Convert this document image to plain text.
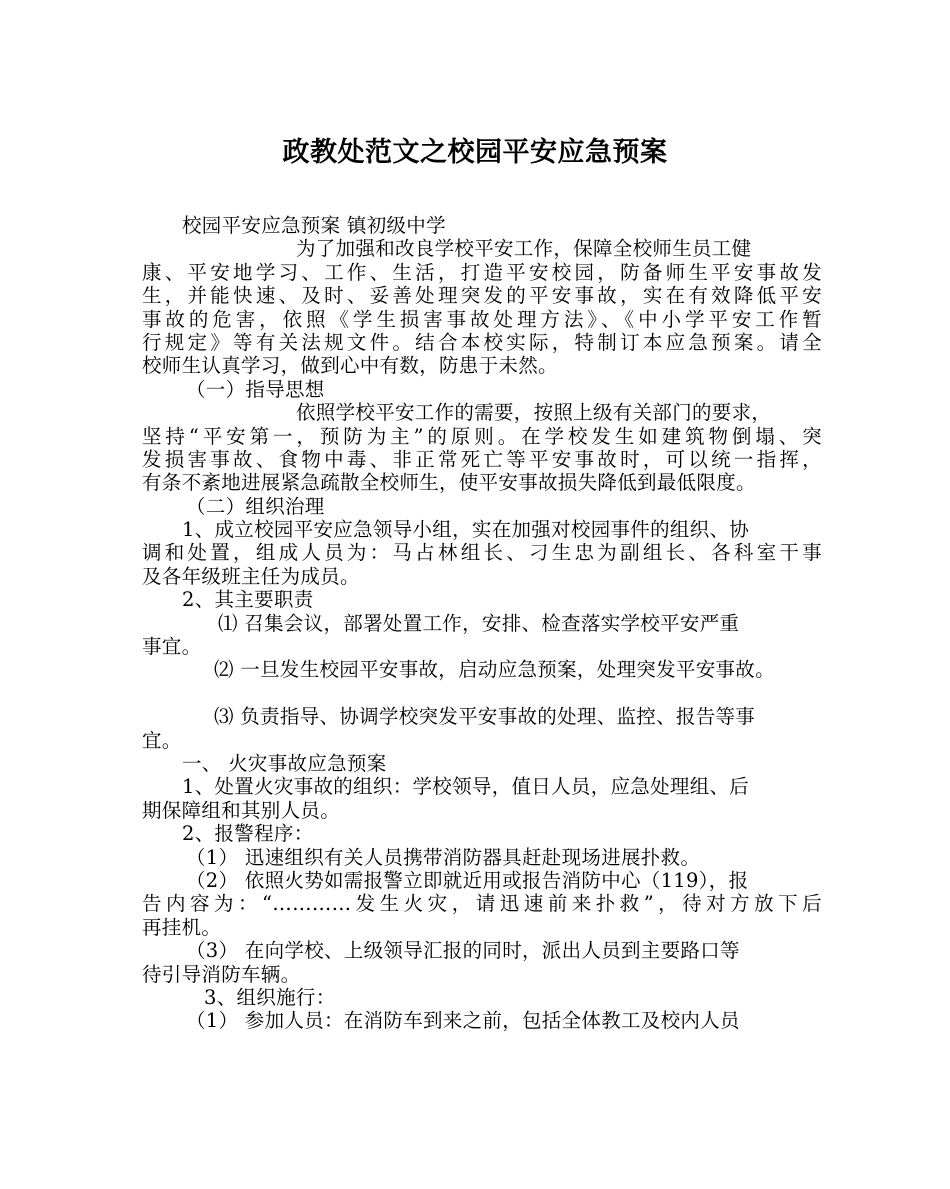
政教处范文之校园平安应急预案
校园平安应急预案 镇初级中学
为了加强和改良学校平安工作，保障全校师生员工健
康、平安地学习、工作、生活，打造平安校园，防备师生平安事故发
生，并能快速、及时、妥善处理突发的平安事故，实在有效降低平安
事故的危害，依照《学生损害事故处理方法》、《中小学平安工作暂
行规定》等有关法规文件。结合本校实际，特制订本应急预案。请全
校师生认真学习，做到心中有数，防患于未然。
（一）指导思想
依照学校平安工作的需要，按照上级有关部门的要求，
坚持“平安第一，预防为主”的原则。在学校发生如建筑物倒塌、突
发损害事故、食物中毒、非正常死亡等平安事故时，可以统一指挥，
有条不紊地进展紧急疏散全校师生，使平安事故损失降低到最低限度。
（二）组织治理
1、成立校园平安应急领导小组，实在加强对校园事件的组织、协
调和处置，组成人员为：马占林组长、刁生忠为副组长、各科室干事
及各年级班主任为成员。
2、其主要职责
⑴ 召集会议，部署处置工作，安排、检查落实学校平安严重
事宜。
⑵ 一旦发生校园平安事故，启动应急预案，处理突发平安事故。
⑶ 负责指导、协调学校突发平安事故的处理、监控、报告等事
宜。
一、 火灾事故应急预案
1、处置火灾事故的组织：学校领导，值日人员，应急处理组、后
期保障组和其别人员。
2、报警程序：
（1） 迅速组织有关人员携带消防器具赶赴现场进展扑救。
（2） 依照火势如需报警立即就近用或报告消防中心（119），报
告内容为：“…………发生火灾，请迅速前来扑救”，待对方放下后
再挂机。
（3） 在向学校、上级领导汇报的同时，派出人员到主要路口等
待引导消防车辆。
3、组织施行：
（1） 参加人员：在消防车到来之前，包括全体教工及校内人员
